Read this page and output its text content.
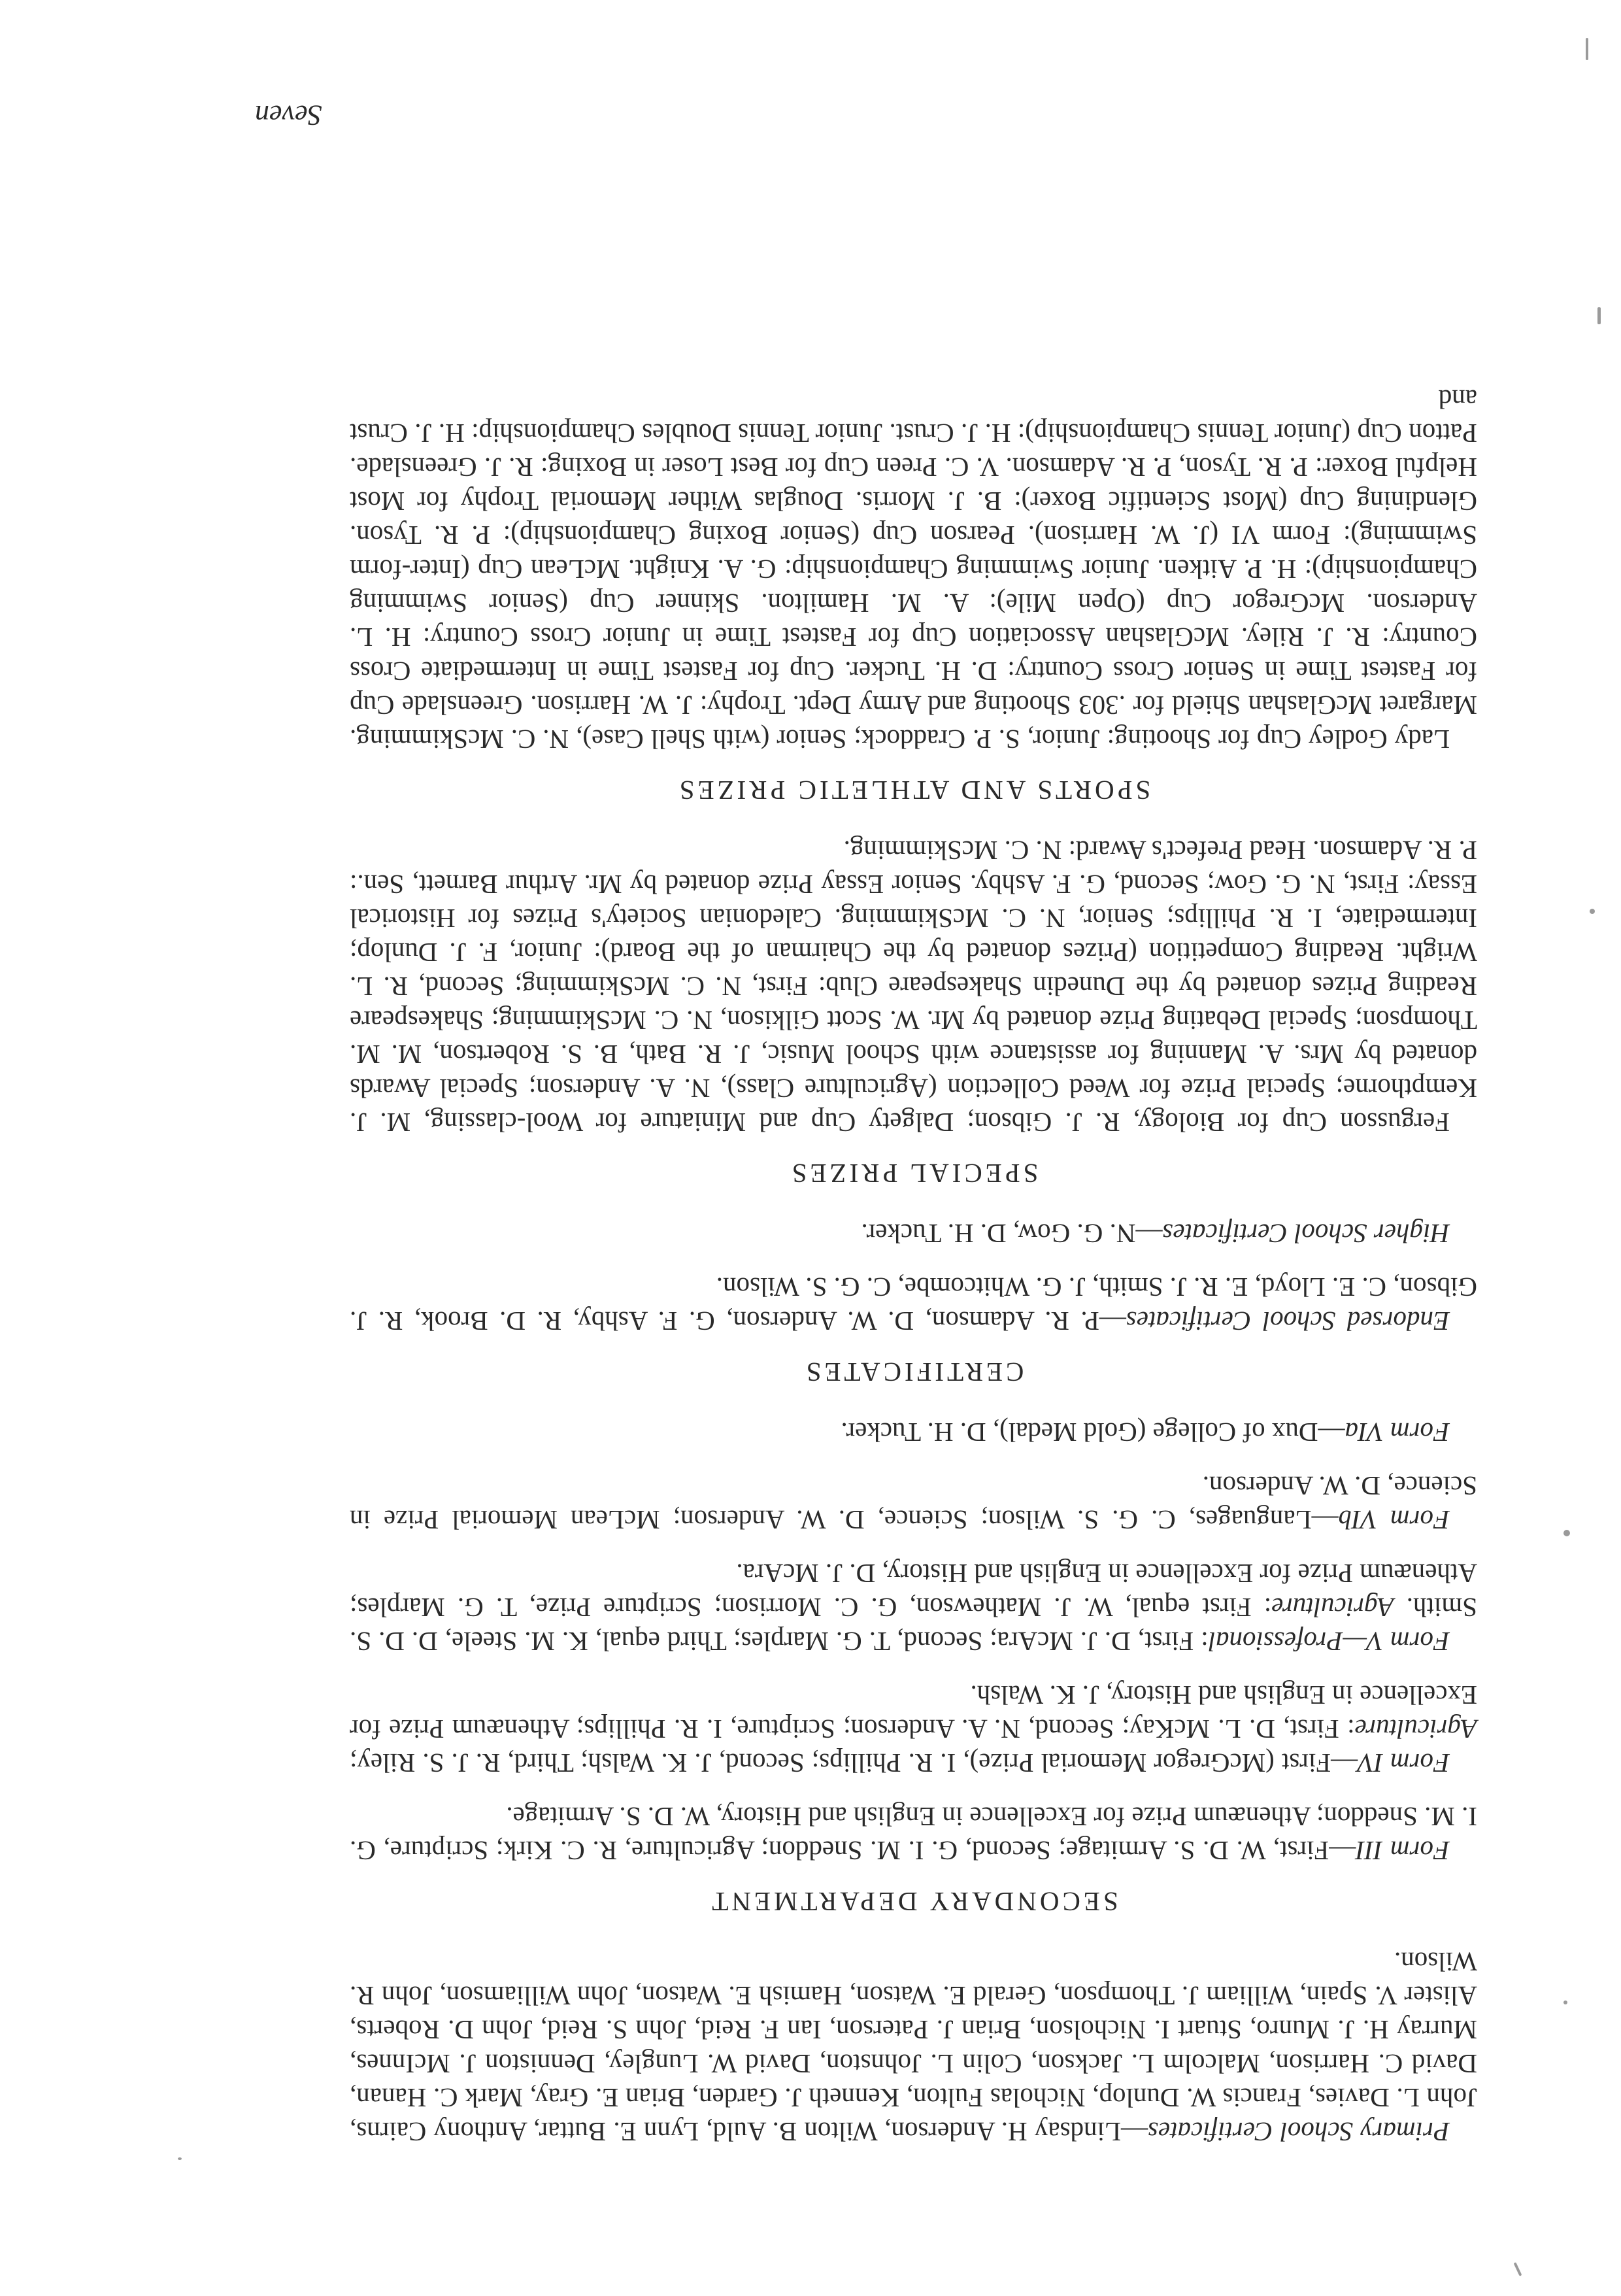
Primary School Certificates—Lindsay H. Anderson, Wilton B. Auld, Lynn E. Buttar, Anthony Cairns, John L. Davies, Francis W. Dunlop, Nicholas Fulton, Kenneth J. Garden, Brian E. Gray, Mark C. Hanan, David C. Harrison, Malcolm L. Jackson, Colin L. Johnston, David W. Lungley, Denniston J. McInnes, Murray H. J. Munro, Stuart I. Nicholson, Brian J. Paterson, Ian F. Reid, John S. Reid, John D. Roberts, Alister V. Spain, William J. Thompson, Gerald E. Watson, Hamish E. Watson, John Williamson, John R. Wilson.

SECONDARY DEPARTMENT

Form III—First, W. D. S. Armitage; Second, G. I. M. Sneddon; Agriculture, R. C. Kirk; Scripture, G. I. M. Sneddon; Athenæum Prize for Excellence in English and History, W. D. S. Armitage.

Form IV—First (McGregor Memorial Prize), I. R. Phillips; Second, J. K. Walsh; Third, R. J. S. Riley; Agriculture: First, D. L. McKay; Second, N. A. Anderson; Scripture, I. R. Phillips; Athenæum Prize for Excellence in English and History, J. K. Walsh.

Form V—Professional: First, D. J. McAra; Second, T. G. Marples; Third equal, K. M. Steele, D. D. S. Smith. Agriculture: First equal, W. J. Mathewson, G. C. Morrison; Scripture Prize, T. G. Marples; Athenæum Prize for Excellence in English and History, D. J. McAra.

Form VIb—Languages, C. G. S. Wilson; Science, D. W. Anderson; McLean Memorial Prize in Science, D. W. Anderson.

Form VIa—Dux of College (Gold Medal), D. H. Tucker.

CERTIFICATES

Endorsed School Certificates—P. R. Adamson, D. W. Anderson, G. F. Ashby, R. D. Brook, R. J. Gibson, C. E. Lloyd, E. R. J. Smith, J. G. Whitcombe, C. G. S. Wilson.

Higher School Certificates—N. G. Gow, D. H. Tucker.

SPECIAL PRIZES

Fergusson Cup for Biology, R. J. Gibson; Dalgety Cup and Miniature for Wool-classing, M. J. Kempthorne; Special Prize for Weed Collection (Agriculture Class), N. A. Anderson; Special Awards donated by Mrs. A. Manning for assistance with School Music, J. R. Bath, B. S. Robertson, M. M. Thompson; Special Debating Prize donated by Mr. W. Scott Gilkison, N. C. McSkimming; Shakespeare Reading Prizes donated by the Dunedin Shakespeare Club: First, N. C. McSkimming; Second, R. L. Wright. Reading Competition (Prizes donated by the Chairman of the Board): Junior, F. J. Dunlop; Intermediate, I. R. Phillips; Senior, N. C. McSkimming. Caledonian Society's Prizes for Historical Essay: First, N. G. Gow; Second, G. F. Ashby. Senior Essay Prize donated by Mr. Arthur Barnett, Sen.: P. R. Adamson. Head Prefect's Award: N. C. McSkimming.

SPORTS AND ATHLETIC PRIZES

Lady Godley Cup for Shooting: Junior, S. P. Craddock; Senior (with Shell Case), N. C. McSkimming. Margaret McGlashan Shield for .303 Shooting and Army Dept. Trophy: J. W. Harrison. Greenslade Cup for Fastest Time in Senior Cross Country: D. H. Tucker. Cup for Fastest Time in Intermediate Cross Country: R. J. Riley. McGlashan Association Cup for Fastest Time in Junior Cross Country: H. L. Anderson. McGregor Cup (Open Mile): A. M. Hamilton. Skinner Cup (Senior Swimming Championship): H. P. Aitken. Junior Swimming Championship: G. A. Knight. McLean Cup (Inter-form Swimming): Form VI (J. W. Harrison). Pearson Cup (Senior Boxing Championship): P. R. Tyson. Glendining Cup (Most Scientific Boxer): B. J. Morris. Douglas Wither Memorial Trophy for Most Helpful Boxer: P. R. Tyson, P. R. Adamson. V. C. Preen Cup for Best Loser in Boxing: R. J. Greenslade. Patton Cup (Junior Tennis Championship): H. J. Crust. Junior Tennis Doubles Championship: H. J. Crust and

Seven
